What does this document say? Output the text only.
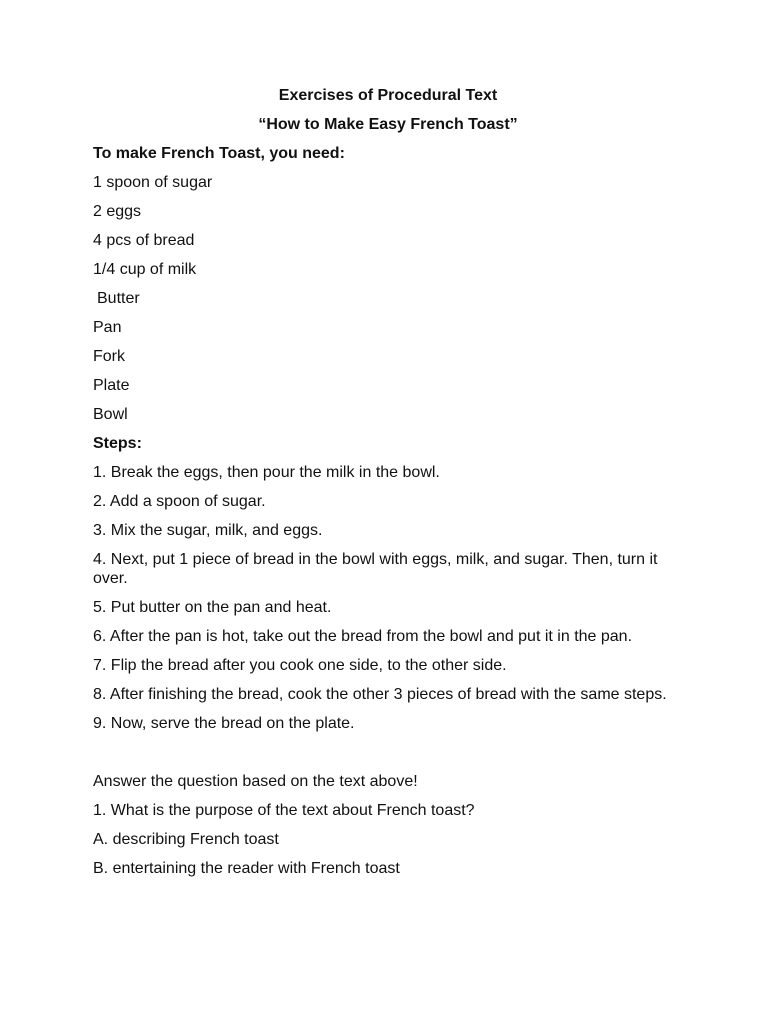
Exercises of Procedural Text
“How to Make Easy French Toast”
To make French Toast, you need:
1 spoon of sugar
2 eggs
4 pcs of bread
1/4 cup of milk
Butter
Pan
Fork
Plate
Bowl
Steps:
1. Break the eggs, then pour the milk in the bowl.
2. Add a spoon of sugar.
3. Mix the sugar, milk, and eggs.
4. Next, put 1 piece of bread in the bowl with eggs, milk, and sugar. Then, turn it over.
5. Put butter on the pan and heat.
6. After the pan is hot, take out the bread from the bowl and put it in the pan.
7. Flip the bread after you cook one side, to the other side.
8. After finishing the bread, cook the other 3 pieces of bread with the same steps.
9. Now, serve the bread on the plate.
Answer the question based on the text above!
1. What is the purpose of the text about French toast?
A. describing French toast
B. entertaining the reader with French toast
